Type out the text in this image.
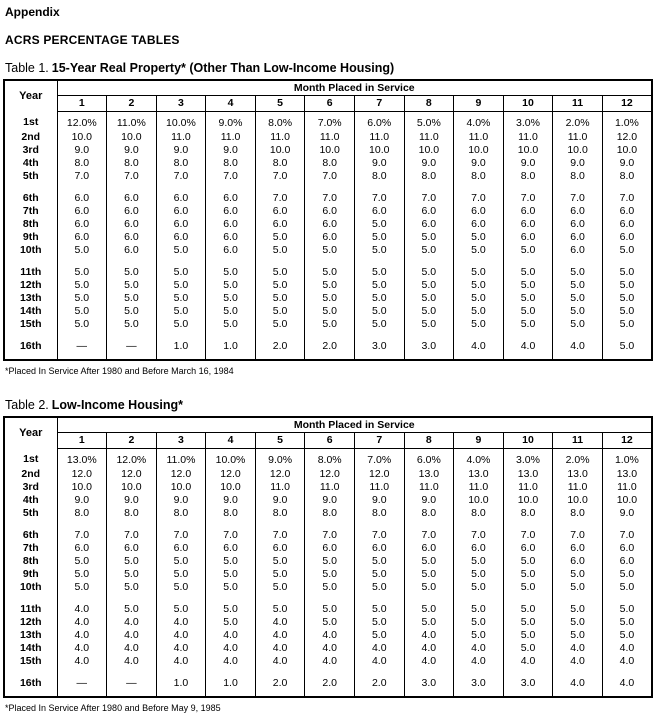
Appendix
ACRS PERCENTAGE TABLES

Table 1. 15-Year Real Property* (Other Than Low-Income Housing)

Year	Month Placed in Service											
	1	2	3	4	5	6	7	8	9	10	11	12
1st	12.0%	11.0%	10.0%	9.0%	8.0%	7.0%	6.0%	5.0%	4.0%	3.0%	2.0%	1.0%
2nd	10.0	10.0	11.0	11.0	11.0	11.0	11.0	11.0	11.0	11.0	11.0	12.0
3rd	9.0	9.0	9.0	9.0	10.0	10.0	10.0	10.0	10.0	10.0	10.0	10.0
4th	8.0	8.0	8.0	8.0	8.0	8.0	9.0	9.0	9.0	9.0	9.0	9.0
5th	7.0	7.0	7.0	7.0	7.0	7.0	8.0	8.0	8.0	8.0	8.0	8.0

6th	6.0	6.0	6.0	6.0	7.0	7.0	7.0	7.0	7.0	7.0	7.0	7.0
7th	6.0	6.0	6.0	6.0	6.0	6.0	6.0	6.0	6.0	6.0	6.0	6.0
8th	6.0	6.0	6.0	6.0	6.0	6.0	5.0	6.0	6.0	6.0	6.0	6.0
9th	6.0	6.0	6.0	6.0	5.0	6.0	5.0	5.0	5.0	6.0	6.0	6.0
10th	5.0	6.0	5.0	6.0	5.0	5.0	5.0	5.0	5.0	5.0	6.0	5.0

11th	5.0	5.0	5.0	5.0	5.0	5.0	5.0	5.0	5.0	5.0	5.0	5.0
12th	5.0	5.0	5.0	5.0	5.0	5.0	5.0	5.0	5.0	5.0	5.0	5.0
13th	5.0	5.0	5.0	5.0	5.0	5.0	5.0	5.0	5.0	5.0	5.0	5.0
14th	5.0	5.0	5.0	5.0	5.0	5.0	5.0	5.0	5.0	5.0	5.0	5.0
15th	5.0	5.0	5.0	5.0	5.0	5.0	5.0	5.0	5.0	5.0	5.0	5.0

16th	—	—	1.0	1.0	2.0	2.0	3.0	3.0	4.0	4.0	4.0	5.0

*Placed In Service After 1980 and Before March 16, 1984

Table 2. Low-Income Housing*

Year	Month Placed in Service											
	1	2	3	4	5	6	7	8	9	10	11	12
1st	13.0%	12.0%	11.0%	10.0%	9.0%	8.0%	7.0%	6.0%	4.0%	3.0%	2.0%	1.0%
2nd	12.0	12.0	12.0	12.0	12.0	12.0	12.0	13.0	13.0	13.0	13.0	13.0
3rd	10.0	10.0	10.0	10.0	11.0	11.0	11.0	11.0	11.0	11.0	11.0	11.0
4th	9.0	9.0	9.0	9.0	9.0	9.0	9.0	9.0	10.0	10.0	10.0	10.0
5th	8.0	8.0	8.0	8.0	8.0	8.0	8.0	8.0	8.0	8.0	8.0	9.0

6th	7.0	7.0	7.0	7.0	7.0	7.0	7.0	7.0	7.0	7.0	7.0	7.0
7th	6.0	6.0	6.0	6.0	6.0	6.0	6.0	6.0	6.0	6.0	6.0	6.0
8th	5.0	5.0	5.0	5.0	5.0	5.0	5.0	5.0	5.0	5.0	6.0	6.0
9th	5.0	5.0	5.0	5.0	5.0	5.0	5.0	5.0	5.0	5.0	5.0	5.0
10th	5.0	5.0	5.0	5.0	5.0	5.0	5.0	5.0	5.0	5.0	5.0	5.0

11th	4.0	5.0	5.0	5.0	5.0	5.0	5.0	5.0	5.0	5.0	5.0	5.0
12th	4.0	4.0	4.0	5.0	4.0	5.0	5.0	5.0	5.0	5.0	5.0	5.0
13th	4.0	4.0	4.0	4.0	4.0	4.0	5.0	4.0	5.0	5.0	5.0	5.0
14th	4.0	4.0	4.0	4.0	4.0	4.0	4.0	4.0	4.0	5.0	4.0	4.0
15th	4.0	4.0	4.0	4.0	4.0	4.0	4.0	4.0	4.0	4.0	4.0	4.0

16th	—	—	1.0	1.0	2.0	2.0	2.0	3.0	3.0	3.0	4.0	4.0

*Placed In Service After 1980 and Before May 9, 1985
